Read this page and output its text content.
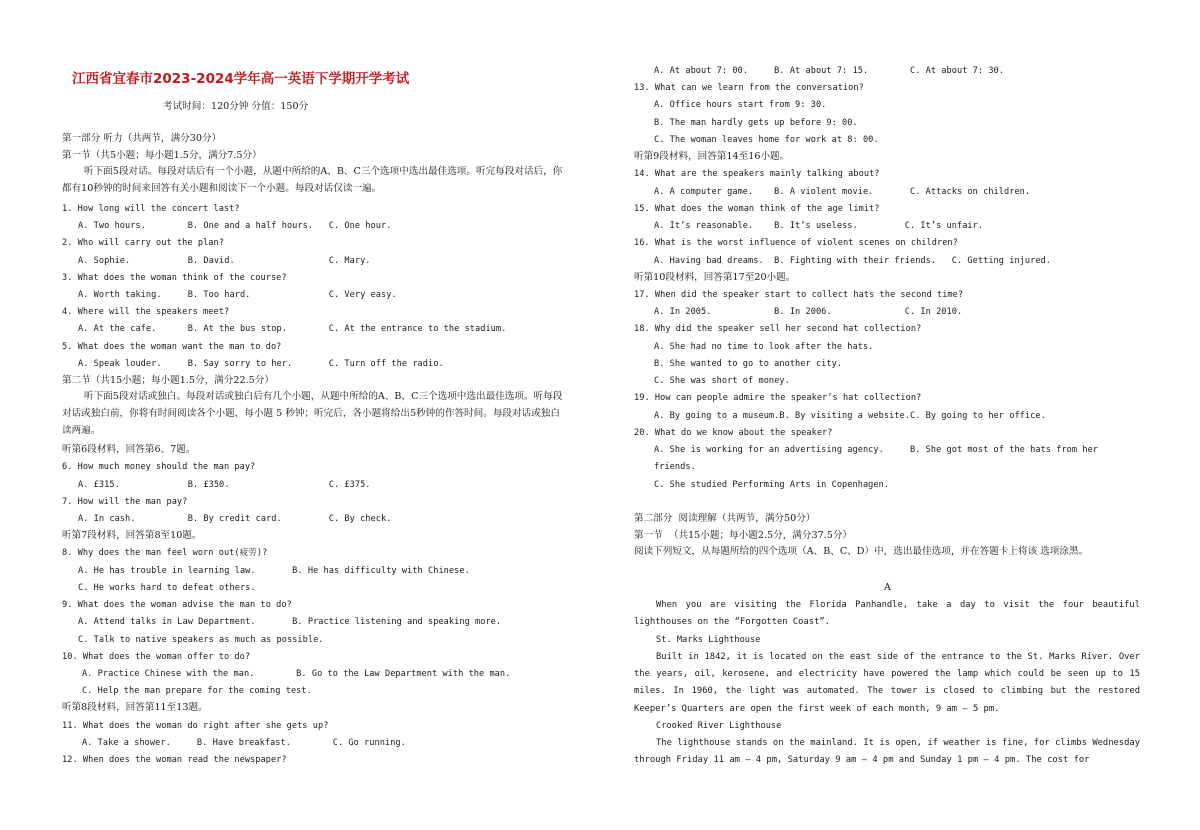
江西省宜春市2023-2024学年高一英语下学期开学考试
考试时间：120分钟 分值：150分
第一部分 听力（共两节，满分30分）
第一节（共5小题；每小题1.5分，满分7.5分）
听下面5段对话。每段对话后有一个小题，从题中所给的A、B、C三个选项中选出最佳选项。听完每段对话后，你都有10秒钟的时间来回答有关小题和阅读下一个小题。每段对话仅读一遍。
1. How long will the concert last?
A. Two hours.        B. One and a half hours.   C. One hour.
2. Who will carry out the plan?
A. Sophie.           B. David.                  C. Mary.
3. What does the woman think of the course?
A. Worth taking.     B. Too hard.               C. Very easy.
4. Where will the speakers meet?
A. At the cafe.      B. At the bus stop.        C. At the entrance to the stadium.
5. What does the woman want the man to do?
A. Speak louder.     B. Say sorry to her.       C. Turn off the radio.
第二节（共15小题；每小题1.5分，满分22.5分）
听下面5段对话或独白。每段对话或独白后有几个小题，从题中所给的A、B、C三个选项中选出最佳选项。听每段对话或独白前，你将有时间阅读各个小题，每小题 5 秒钟；听完后，各小题将给出5秒钟的作答时间。每段对话或独白读两遍。
听第6段材料，回答第6、7题。
6. How much money should the man pay?
A. £315.             B. £350.                   C. £375.
7. How will the man pay?
A. In cash.          B. By credit card.         C. By check.
听第7段材料，回答第8至10题。
8. Why does the man feel worn out(疲劳)?
A. He has trouble in learning law.       B. He has difficulty with Chinese.
C. He works hard to defeat others.
9. What does the woman advise the man to do?
A. Attend talks in Law Department.       B. Practice listening and speaking more.
C. Talk to native speakers as much as possible.
10. What does the woman offer to do?
A. Practice Chinese with the man.        B. Go to the Law Department with the man.
C. Help the man prepare for the coming test.
听第8段材料，回答第11至13题。
11. What does the woman do right after she gets up?
A. Take a shower.     B. Have breakfast.        C. Go running.
12. When does the woman read the newspaper?
A. At about 7: 00.     B. At about 7: 15.        C. At about 7: 30.
13. What can we learn from the conversation?
A. Office hours start from 9: 30.
B. The man hardly gets up before 9: 00.
C. The woman leaves home for work at 8: 00.
听第9段材料，回答第14至16小题。
14. What are the speakers mainly talking about?
A. A computer game.    B. A violent movie.       C. Attacks on children.
15. What does the woman think of the age limit?
A. It’s reasonable.    B. It’s useless.         C. It’s unfair.
16. What is the worst influence of violent scenes on children?
A. Having bad dreams.  B. Fighting with their friends.   C. Getting injured.
听第10段材料，回答第17至20小题。
17. When did the speaker start to collect hats the second time?
A. In 2005.            B. In 2006.              C. In 2010.
18. Why did the speaker sell her second hat collection?
A. She had no time to look after the hats.
B. She wanted to go to another city.
C. She was short of money.
19. How can people admire the speaker’s hat collection?
A. By going to a museum.B. By visiting a website.C. By going to her office.
20. What do we know about the speaker?
A. She is working for an advertising agency.     B. She got most of the hats from her
friends.
C. She studied Performing Arts in Copenhagen.
第二部分  阅读理解（共两节，满分50分）
第一节  （共15小题；每小题2.5分，满分37.5分）
阅读下列短文，从每题所给的四个选项（A、B、C、D）中，选出最佳选项，并在答题卡上将该 选项涂黑。
A
When you are visiting the Florida Panhandle, take a day to visit the four beautiful lighthouses on the “Forgotten Coast”.
St. Marks Lighthouse
Built in 1842, it is located on the east side of the entrance to the St. Marks River. Over the years, oil, kerosene, and electricity have powered the lamp which could be seen up to 15 miles. In 1960, the light was automated. The tower is closed to climbing but the restored Keeper’s Quarters are open the first week of each month, 9 am — 5 pm.
Crooked River Lighthouse
The lighthouse stands on the mainland. It is open, if weather is fine, for climbs Wednesday through Friday 11 am — 4 pm, Saturday 9 am — 4 pm and Sunday 1 pm — 4 pm. The cost for
